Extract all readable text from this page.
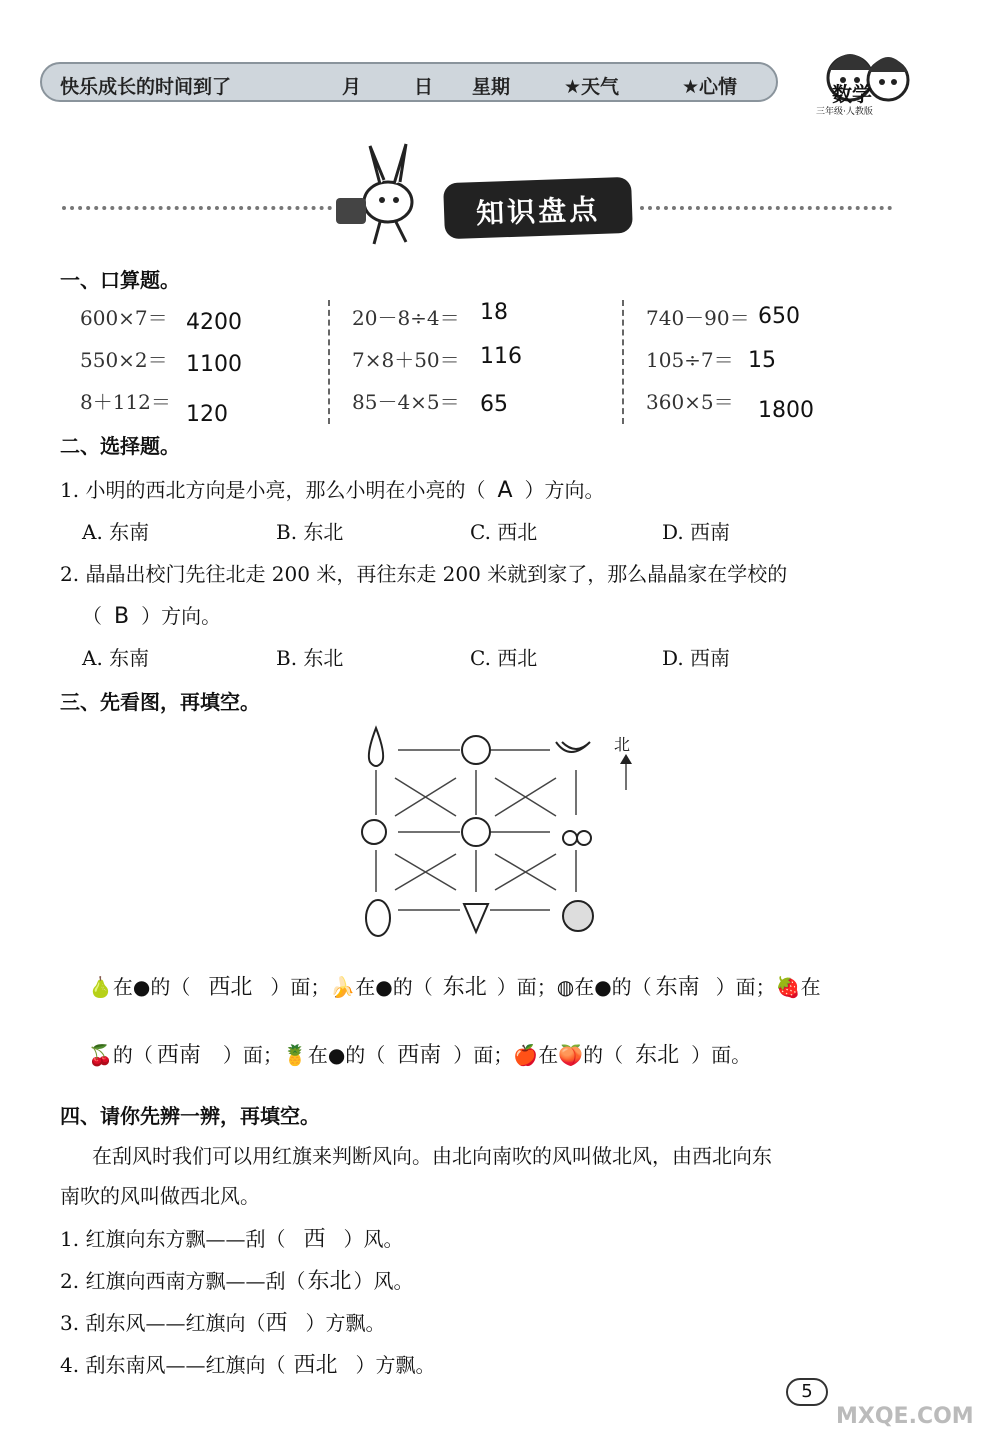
快乐成长的时间到了	月	日 星期	★天气	★心情	数学
三年级·人教版
知识盘点
一、口算题。
600×7＝ 4200
550×2＝ 1100
8＋112＝ 120
20－8÷4＝ 18
7×8＋50＝ 116
85－4×5＝ 65
740－90＝ 650
105÷7＝ 15
360×5＝ 1800
二、选择题。
1. 小明的西北方向是小亮，那么小明在小亮的（ A ）方向。
A. 东南	B. 东北	C. 西北	D. 西南
2. 晶晶出校门先往北走 200 米，再往东走 200 米就到家了，那么晶晶家在学校的
（ B ）方向。
A. 东南	B. 东北	C. 西北	D. 西南
三、先看图，再填空。
北
🍐在●的（ 西北 ）面；🍌在●的（ 东北 ）面；◍在●的（ 东南 ）面；🍓在
🍒的（ 西南 ）面；🍍在●的（ 西南 ）面；🍎在🍑的（ 东北 ）面。
四、请你先辨一辨，再填空。
在刮风时我们可以用红旗来判断风向。由北向南吹的风叫做北风，由西北向东
南吹的风叫做西北风。
1. 红旗向东方飘——刮（ 西 ）风。
2. 红旗向西南方飘——刮（东北 ）风。
3. 刮东风——红旗向（西 ）方飘。
4. 刮东南风——红旗向（ 西北 ）方飘。
5
MXQE.COM
